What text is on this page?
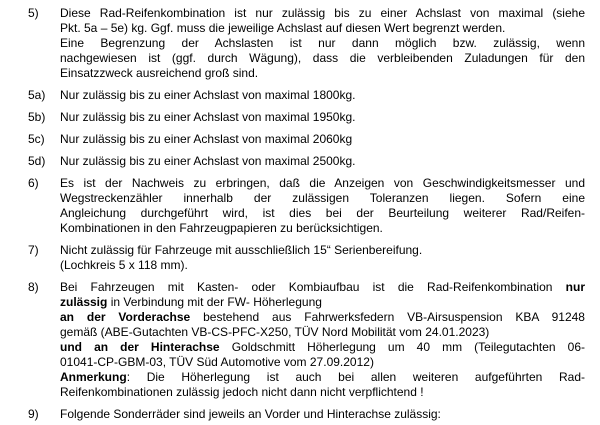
5)	Diese Rad-Reifenkombination ist nur zulässig bis zu einer Achslast von maximal (siehe
Pkt. 5a – 5e) kg. Ggf. muss die jeweilige Achslast auf diesen Wert begrenzt werden.
Eine Begrenzung der Achslasten ist nur dann möglich bzw. zulässig, wenn
nachgewiesen ist (ggf. durch Wägung), dass die verbleibenden Zuladungen für den
Einsatzzweck ausreichend groß sind.
5a)	Nur zulässig bis zu einer Achslast von maximal 1800kg.
5b)	Nur zulässig bis zu einer Achslast von maximal 1950kg.
5c)	Nur zulässig bis zu einer Achslast von maximal 2060kg
5d)	Nur zulässig bis zu einer Achslast von maximal 2500kg.
6)	Es ist der Nachweis zu erbringen, daß die Anzeigen von Geschwindigkeitsmesser und
Wegstreckenzähler innerhalb der zulässigen Toleranzen liegen. Sofern eine
Angleichung durchgeführt wird, ist dies bei der Beurteilung weiterer Rad/Reifen-
Kombinationen in den Fahrzeugpapieren zu berücksichtigen.
7)	Nicht zulässig für Fahrzeuge mit ausschließlich 15“ Serienbereifung.
(Lochkreis 5 x 118 mm).
8)	Bei Fahrzeugen mit Kasten- oder Kombiaufbau ist die Rad-Reifenkombination nur
zulässig in Verbindung mit der FW- Höherlegung
an der Vorderachse bestehend aus Fahrwerksfedern VB-Airsuspension KBA 91248
gemäß (ABE-Gutachten VB-CS-PFC-X250, TÜV Nord Mobilität vom 24.01.2023)
und an der Hinterachse Goldschmitt Höherlegung um 40 mm (Teilegutachten 06-
01041-CP-GBM-03, TÜV Süd Automotive vom 27.09.2012)
Anmerkung: Die Höherlegung ist auch bei allen weiteren aufgeführten Rad-
Reifenkombinationen zulässig jedoch nicht dann nicht verpflichtend !
9)	Folgende Sonderräder sind jeweils an Vorder und Hinterachse zulässig:
